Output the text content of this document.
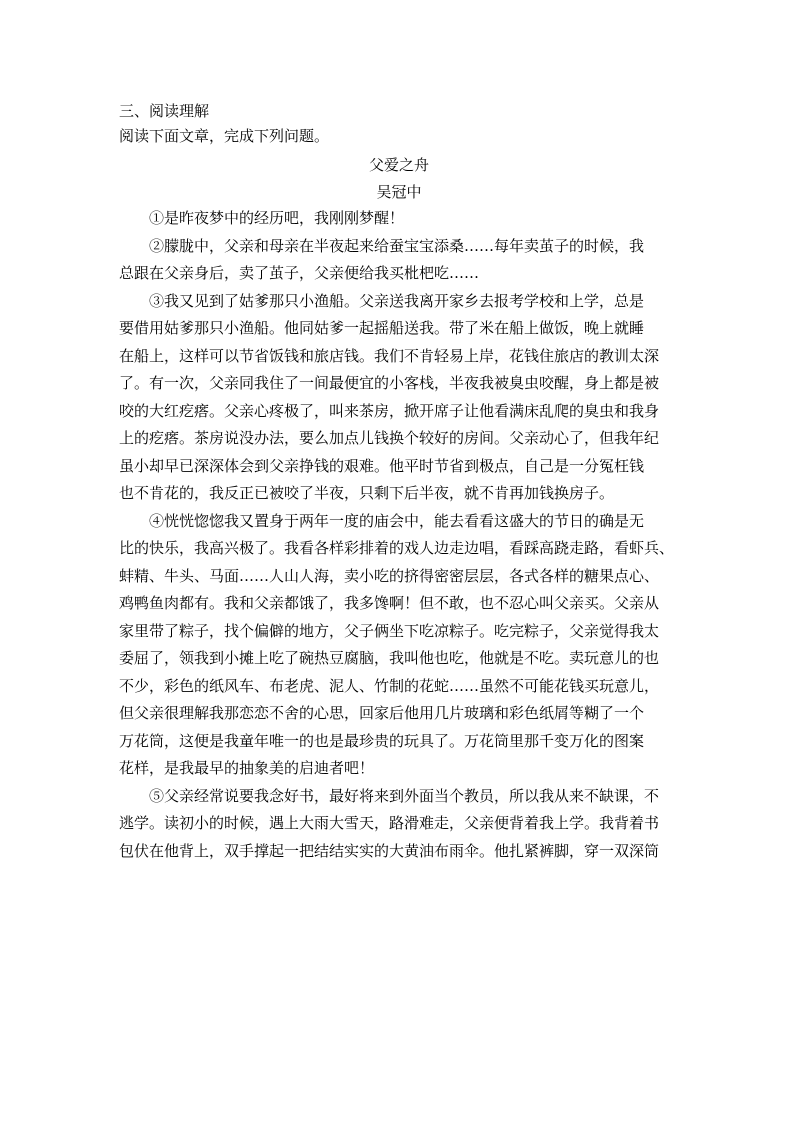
三、阅读理解
阅读下面文章，完成下列问题。
父爱之舟
吴冠中
①是昨夜梦中的经历吧，我刚刚梦醒！
②朦胧中，父亲和母亲在半夜起来给蚕宝宝添桑……每年卖茧子的时候，我
总跟在父亲身后，卖了茧子，父亲便给我买枇杷吃……
③我又见到了姑爹那只小渔船。父亲送我离开家乡去报考学校和上学，总是
要借用姑爹那只小渔船。他同姑爹一起摇船送我。带了米在船上做饭，晚上就睡
在船上，这样可以节省饭钱和旅店钱。我们不肯轻易上岸，花钱住旅店的教训太深
了。有一次，父亲同我住了一间最便宜的小客栈，半夜我被臭虫咬醒，身上都是被
咬的大红疙瘩。父亲心疼极了，叫来茶房，掀开席子让他看满床乱爬的臭虫和我身
上的疙瘩。茶房说没办法，要么加点儿钱换个较好的房间。父亲动心了，但我年纪
虽小却早已深深体会到父亲挣钱的艰难。他平时节省到极点，自己是一分冤枉钱
也不肯花的，我反正已被咬了半夜，只剩下后半夜，就不肯再加钱换房子。
④恍恍惚惚我又置身于两年一度的庙会中，能去看看这盛大的节日的确是无
比的快乐，我高兴极了。我看各样彩排着的戏人边走边唱，看踩高跷走路，看虾兵、
蚌精、牛头、马面……人山人海，卖小吃的挤得密密层层，各式各样的糖果点心、
鸡鸭鱼肉都有。我和父亲都饿了，我多馋啊！但不敢，也不忍心叫父亲买。父亲从
家里带了粽子，找个偏僻的地方，父子俩坐下吃凉粽子。吃完粽子，父亲觉得我太
委屈了，领我到小摊上吃了碗热豆腐脑，我叫他也吃，他就是不吃。卖玩意儿的也
不少，彩色的纸风车、布老虎、泥人、竹制的花蛇……虽然不可能花钱买玩意儿，
但父亲很理解我那恋恋不舍的心思，回家后他用几片玻璃和彩色纸屑等糊了一个
万花筒，这便是我童年唯一的也是最珍贵的玩具了。万花筒里那千变万化的图案
花样，是我最早的抽象美的启迪者吧！
⑤父亲经常说要我念好书，最好将来到外面当个教员，所以我从来不缺课，不
逃学。读初小的时候，遇上大雨大雪天，路滑难走，父亲便背着我上学。我背着书
包伏在他背上，双手撑起一把结结实实的大黄油布雨伞。他扎紧裤脚，穿一双深筒
